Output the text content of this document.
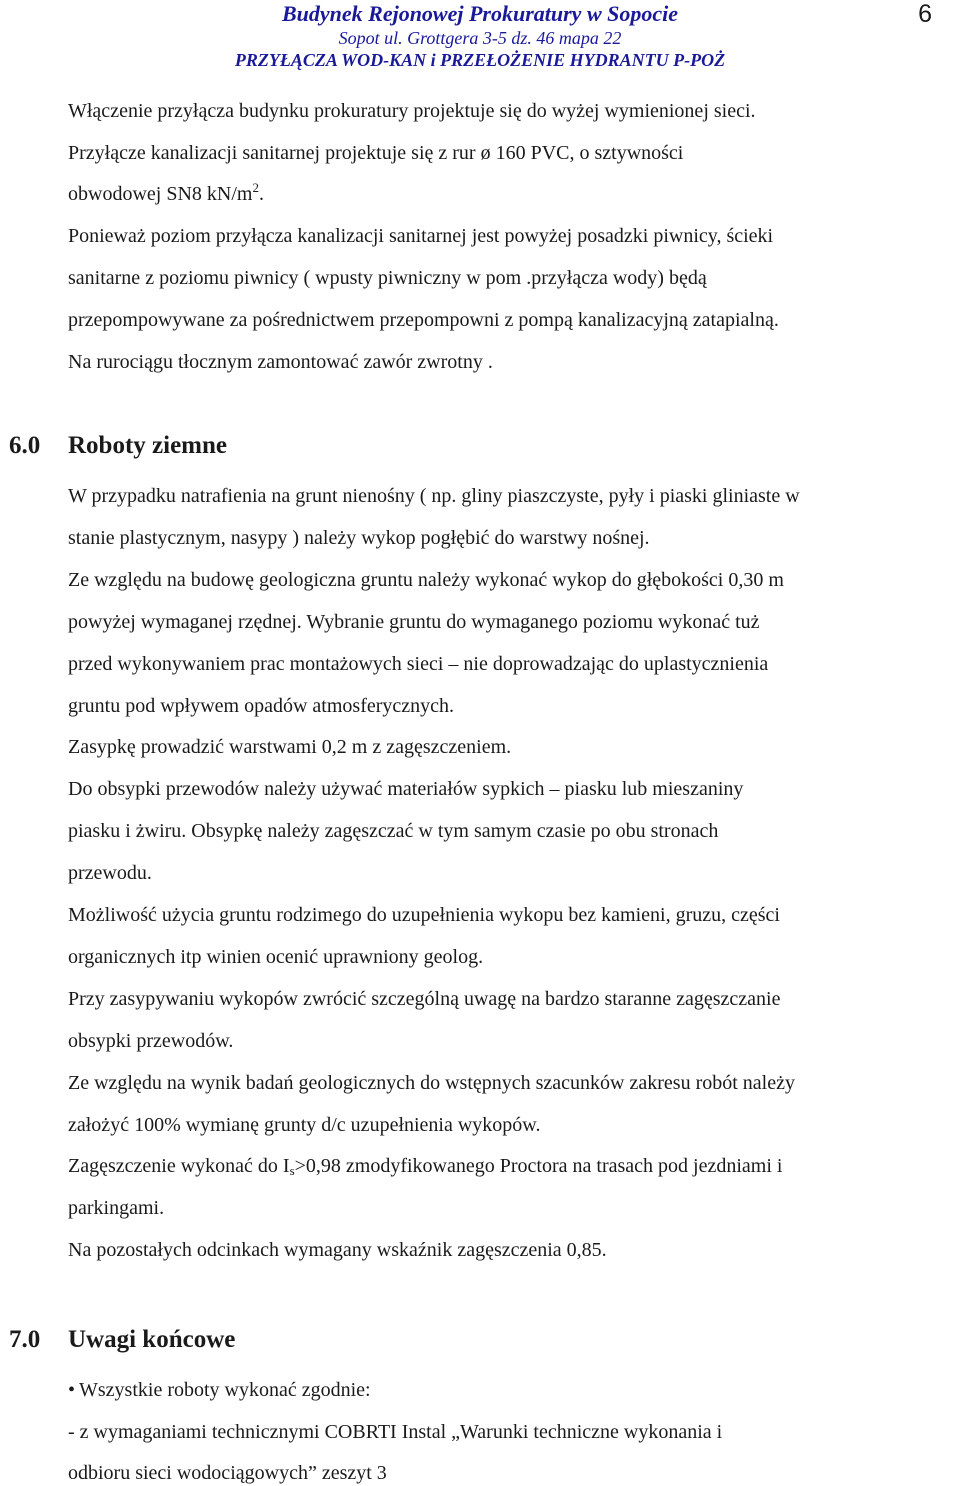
Budynek Rejonowej Prokuratury w Sopocie
Sopot ul. Grottgera 3-5 dz. 46 mapa 22
PRZYŁĄCZA WOD-KAN i PRZEŁOŻENIE HYDRANTU P-POŻ
6
Włączenie przyłącza budynku prokuratury projektuje się do wyżej wymienionej sieci.
Przyłącze kanalizacji sanitarnej projektuje się z rur ø 160 PVC, o sztywności
obwodowej SN8 $kN/m^2$.
Ponieważ poziom przyłącza kanalizacji sanitarnej jest powyżej posadzki piwnicy, ścieki
sanitarne z poziomu piwnicy ( wpusty piwniczny w pom .przyłącza wody) będą
przepompowywane za pośrednictwem przepompowni z pompą kanalizacyjną zatapialną.
Na rurociągu tłocznym zamontować zawór zwrotny .
6.0 Roboty ziemne
W przypadku natrafienia na grunt nienośny ( np. gliny piaszczyste, pyły i piaski gliniaste w
stanie plastycznym, nasypy ) należy wykop pogłębić do warstwy nośnej.
Ze względu na budowę geologiczna gruntu należy wykonać wykop do głębokości 0,30 m
powyżej wymaganej rzędnej. Wybranie gruntu do wymaganego poziomu wykonać tuż
przed wykonywaniem prac montażowych sieci – nie doprowadzając do uplastycznienia
gruntu pod wpływem opadów atmosferycznych.
Zasypkę prowadzić warstwami 0,2 m z zagęszczeniem.
Do obsypki przewodów należy używać materiałów sypkich – piasku lub mieszaniny
piasku i żwiru. Obsypkę należy zagęszczać w tym samym czasie po obu stronach
przewodu.
Możliwość użycia gruntu rodzimego do uzupełnienia wykopu bez kamieni, gruzu, części
organicznych itp winien ocenić uprawniony geolog.
Przy zasypywaniu wykopów zwrócić szczególną uwagę na bardzo staranne zagęszczanie
obsypki przewodów.
Ze względu na wynik badań geologicznych do wstępnych szacunków zakresu robót należy
założyć 100% wymianę grunty d/c uzupełnienia wykopów.
Zagęszczenie wykonać do $I_s>0,98$ zmodyfikowanego Proctora na trasach pod jezdniami i
parkingami.
Na pozostałych odcinkach wymagany wskaźnik zagęszczenia 0,85.
7.0 Uwagi końcowe
• Wszystkie roboty wykonać zgodnie:
- z wymaganiami technicznymi COBRTI Instal „Warunki techniczne wykonania i
odbioru sieci wodociągowych” zeszyt 3
